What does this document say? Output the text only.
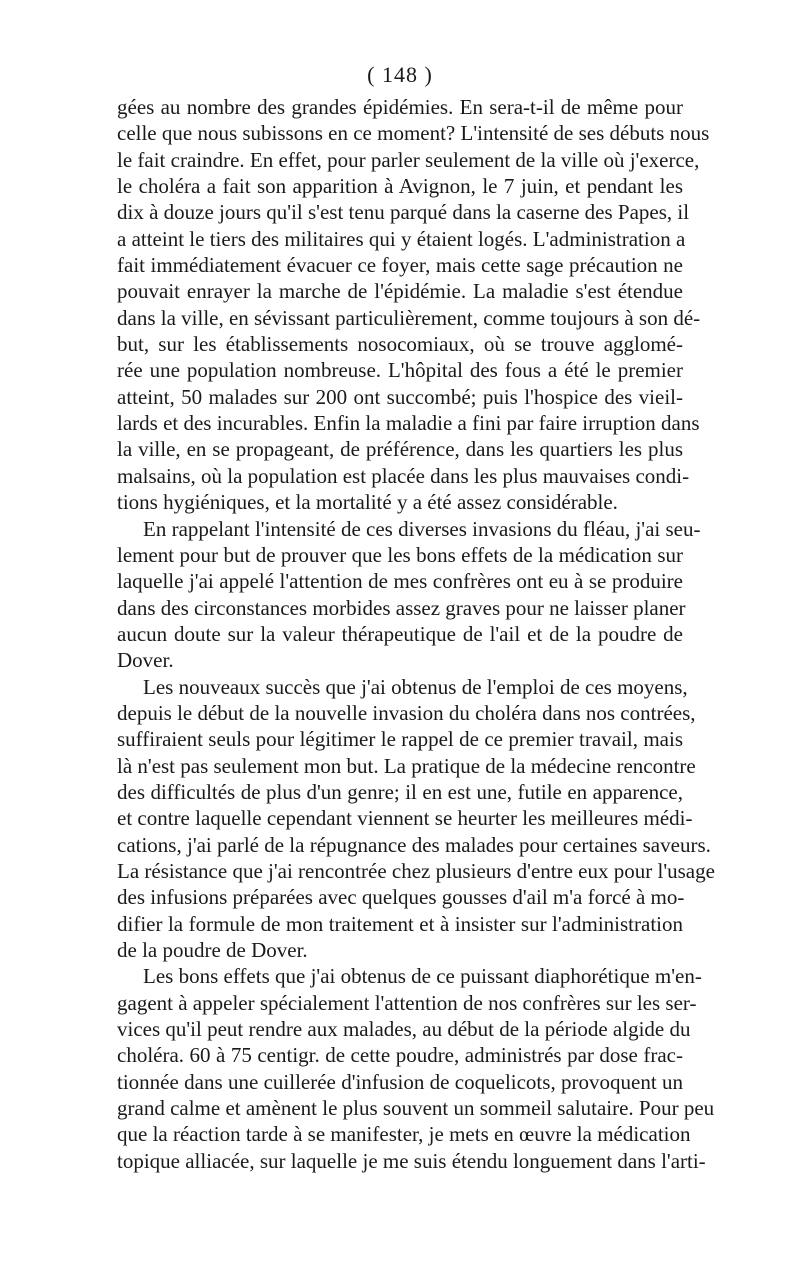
( 148 )
gées au nombre des grandes épidémies. En sera-t-il de même pour
celle que nous subissons en ce moment? L'intensité de ses débuts nous
le fait craindre. En effet, pour parler seulement de la ville où j'exerce,
le choléra a fait son apparition à Avignon, le 7 juin, et pendant les
dix à douze jours qu'il s'est tenu parqué dans la caserne des Papes, il
a atteint le tiers des militaires qui y étaient logés. L'administration a
fait immédiatement évacuer ce foyer, mais cette sage précaution ne
pouvait enrayer la marche de l'épidémie. La maladie s'est étendue
dans la ville, en sévissant particulièrement, comme toujours à son dé-
but, sur les établissements nosocomiaux, où se trouve agglomé-
rée une population nombreuse. L'hôpital des fous a été le premier
atteint, 50 malades sur 200 ont succombé; puis l'hospice des vieil-
lards et des incurables. Enfin la maladie a fini par faire irruption dans
la ville, en se propageant, de préférence, dans les quartiers les plus
malsains, où la population est placée dans les plus mauvaises condi-
tions hygiéniques, et la mortalité y a été assez considérable.
En rappelant l'intensité de ces diverses invasions du fléau, j'ai seu-
lement pour but de prouver que les bons effets de la médication sur
laquelle j'ai appelé l'attention de mes confrères ont eu à se produire
dans des circonstances morbides assez graves pour ne laisser planer
aucun doute sur la valeur thérapeutique de l'ail et de la poudre de
Dover.
Les nouveaux succès que j'ai obtenus de l'emploi de ces moyens,
depuis le début de la nouvelle invasion du choléra dans nos contrées,
suffiraient seuls pour légitimer le rappel de ce premier travail, mais
là n'est pas seulement mon but. La pratique de la médecine rencontre
des difficultés de plus d'un genre; il en est une, futile en apparence,
et contre laquelle cependant viennent se heurter les meilleures médi-
cations, j'ai parlé de la répugnance des malades pour certaines saveurs.
La résistance que j'ai rencontrée chez plusieurs d'entre eux pour l'usage
des infusions préparées avec quelques gousses d'ail m'a forcé à mo-
difier la formule de mon traitement et à insister sur l'administration
de la poudre de Dover.
Les bons effets que j'ai obtenus de ce puissant diaphorétique m'en-
gagent à appeler spécialement l'attention de nos confrères sur les ser-
vices qu'il peut rendre aux malades, au début de la période algide du
choléra. 60 à 75 centigr. de cette poudre, administrés par dose frac-
tionnée dans une cuillerée d'infusion de coquelicots, provoquent un
grand calme et amènent le plus souvent un sommeil salutaire. Pour peu
que la réaction tarde à se manifester, je mets en œuvre la médication
topique alliacée, sur laquelle je me suis étendu longuement dans l'arti-
